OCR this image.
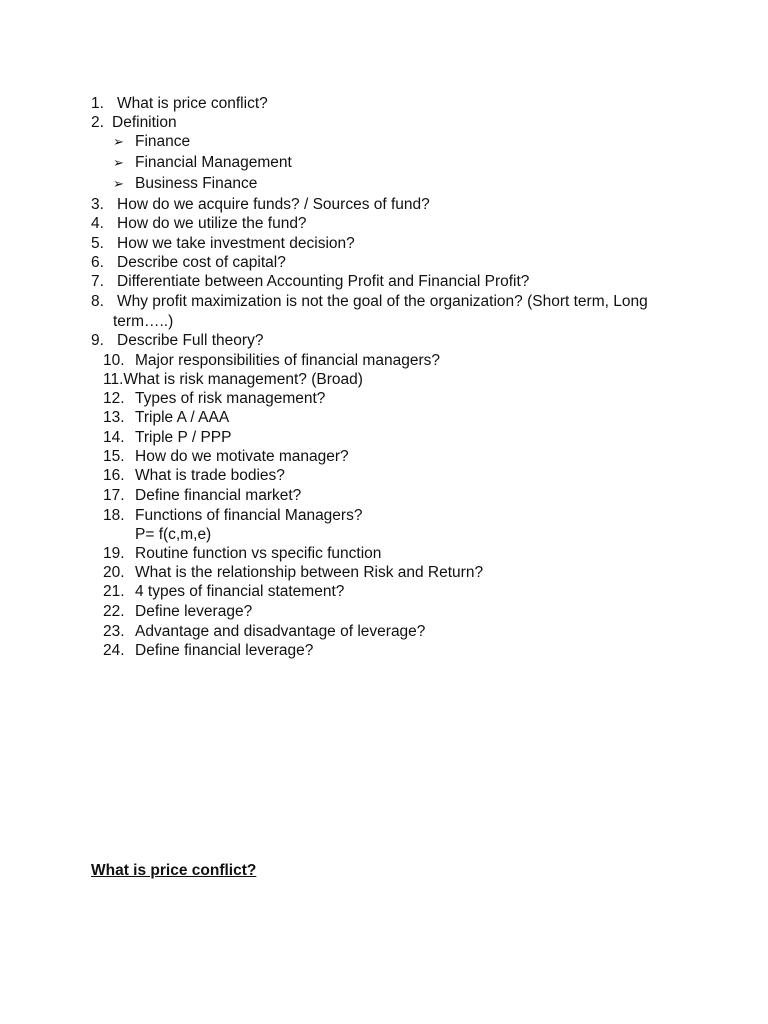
1. What is price conflict?
2. Definition
➢ Finance
➢ Financial Management
➢ Business Finance
3. How do we acquire funds? / Sources of fund?
4. How do we utilize the fund?
5. How we take investment decision?
6. Describe cost of capital?
7. Differentiate between Accounting Profit and Financial Profit?
8. Why profit maximization is not the goal of the organization? (Short term, Long
term…..)
9. Describe Full theory?
10. Major responsibilities of financial managers?
11.What is risk management? (Broad)
12. Types of risk management?
13. Triple A / AAA
14. Triple P / PPP
15. How do we motivate manager?
16. What is trade bodies?
17. Define financial market?
18. Functions of financial Managers?
P= f(c,m,e)
19. Routine function vs specific function
20. What is the relationship between Risk and Return?
21. 4 types of financial statement?
22. Define leverage?
23. Advantage and disadvantage of leverage?
24. Define financial leverage?
What is price conflict?
